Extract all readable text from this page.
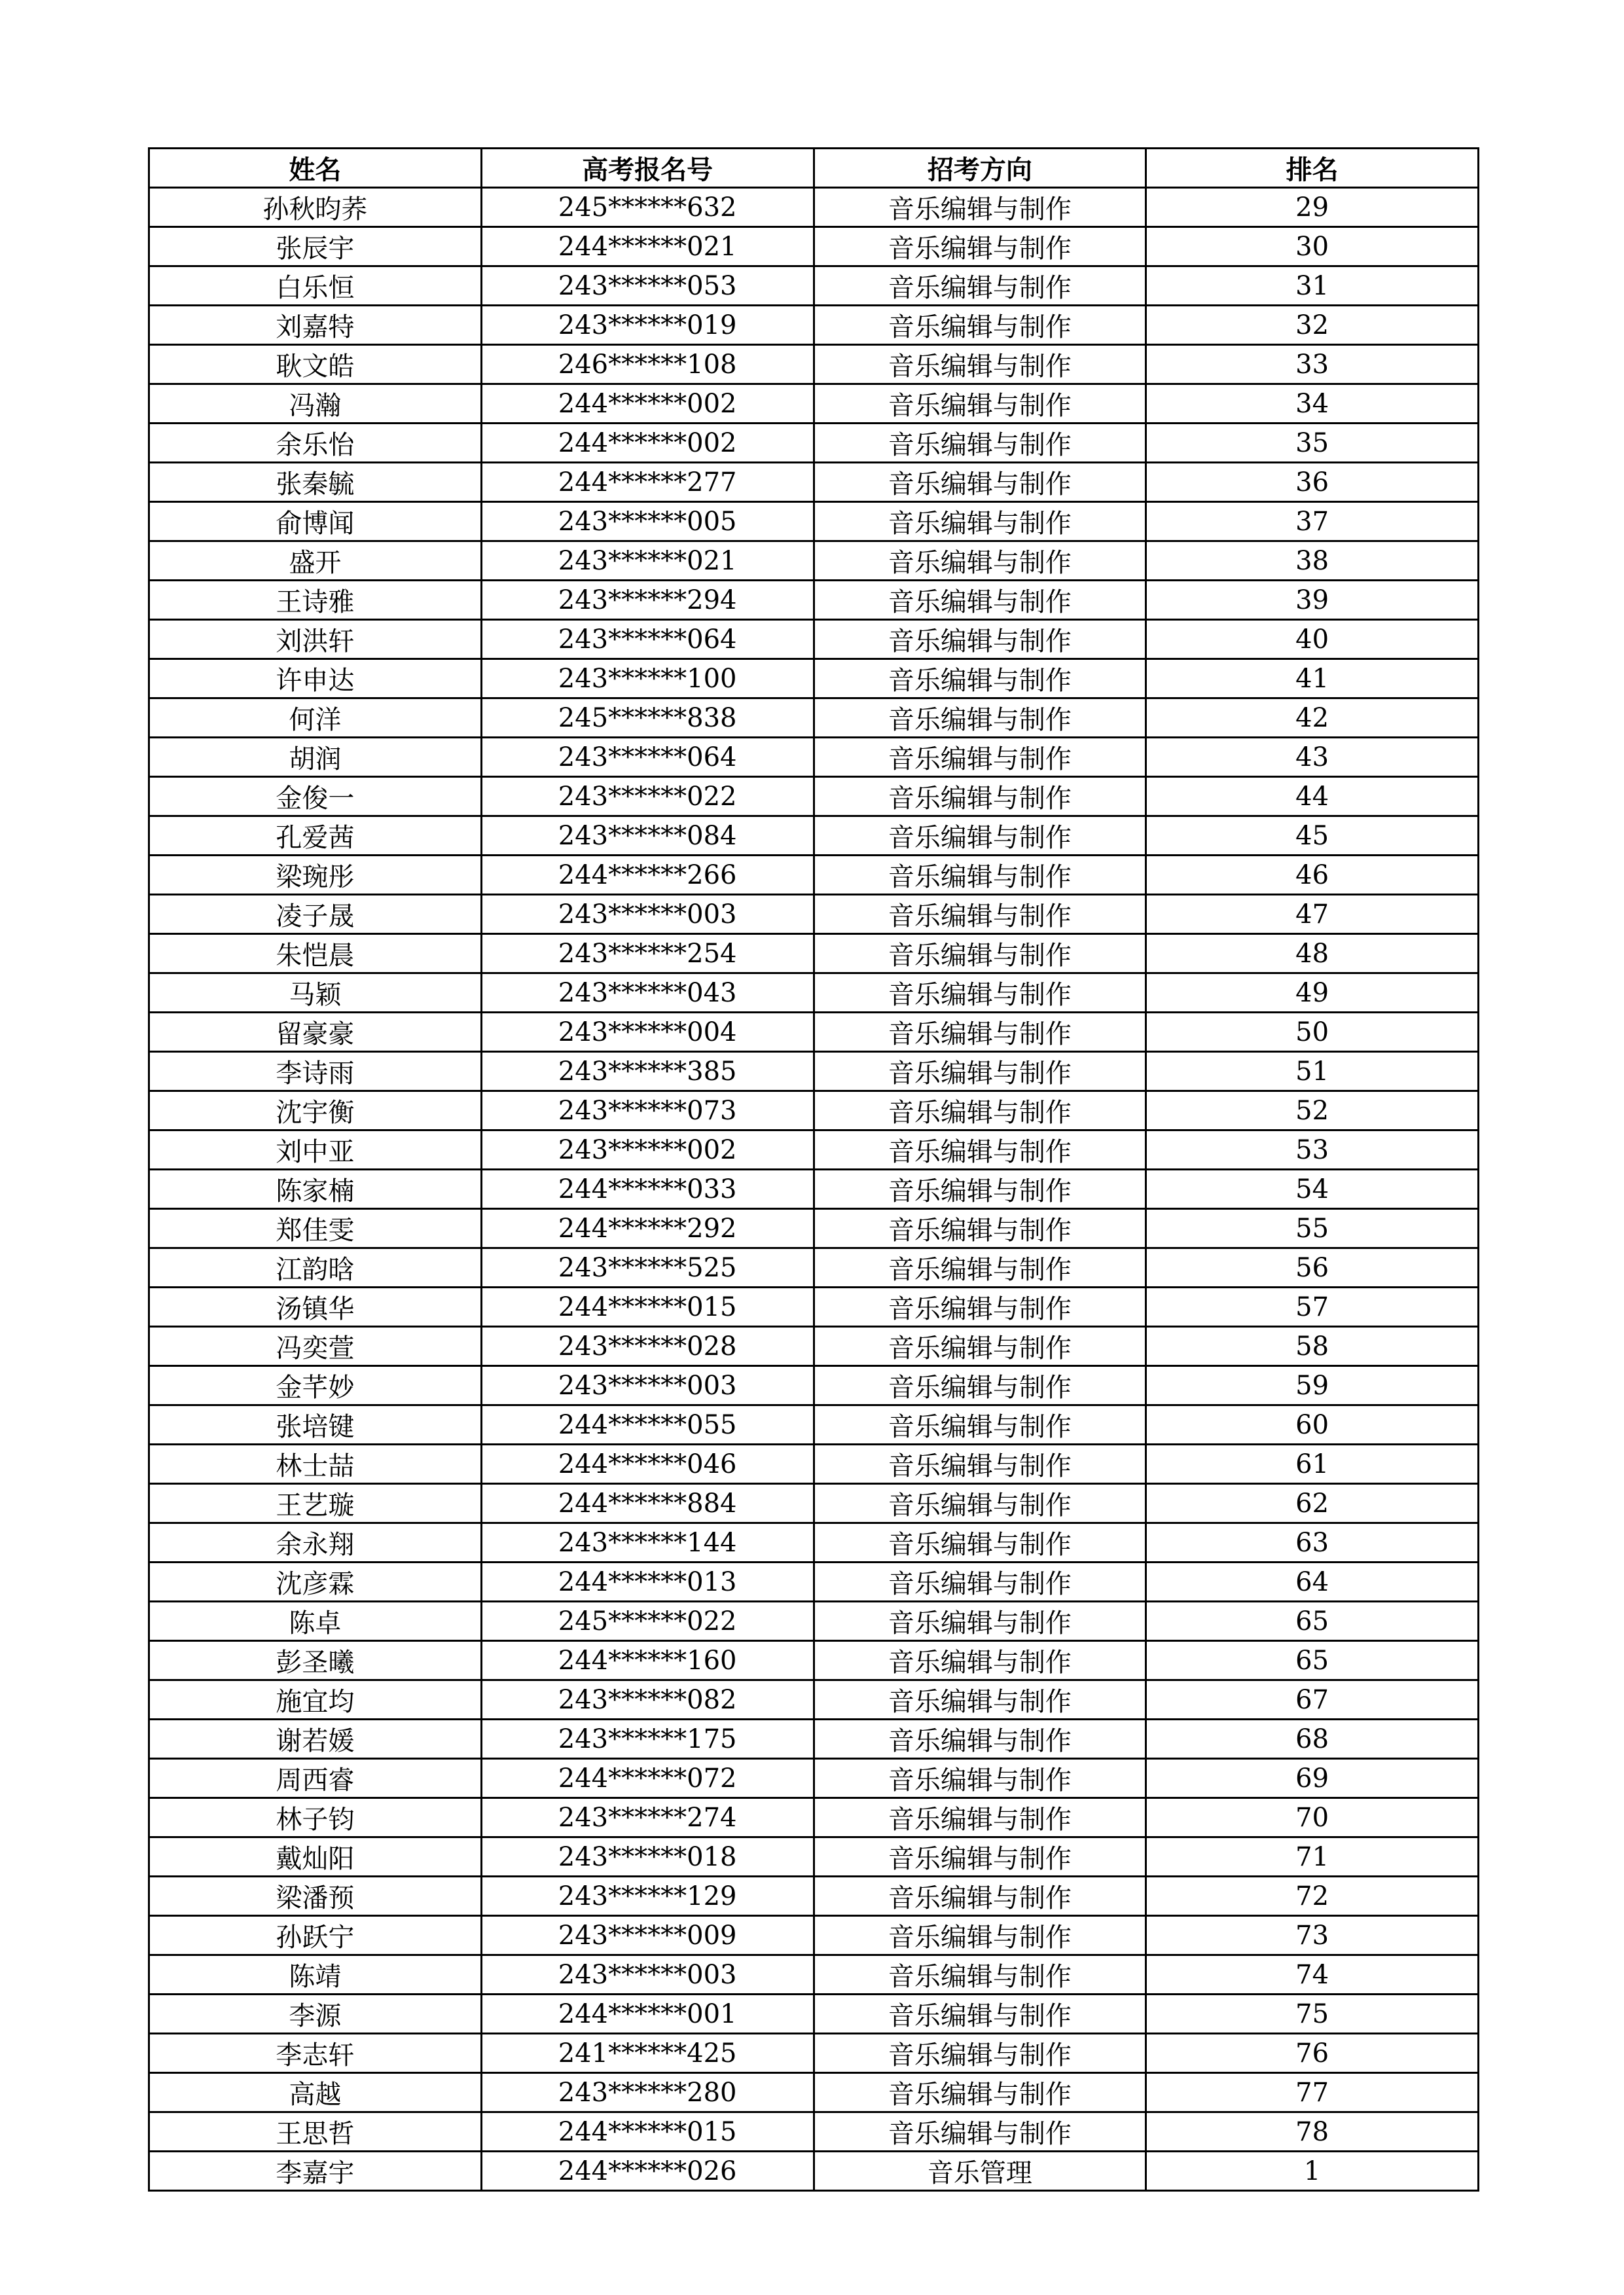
姓名	高考报名号	招考方向	排名
孙秋昀荞	245******632	音乐编辑与制作	29
张辰宇	244******021	音乐编辑与制作	30
白乐恒	243******053	音乐编辑与制作	31
刘嘉特	243******019	音乐编辑与制作	32
耿文皓	246******108	音乐编辑与制作	33
冯瀚	244******002	音乐编辑与制作	34
余乐怡	244******002	音乐编辑与制作	35
张秦毓	244******277	音乐编辑与制作	36
俞博闻	243******005	音乐编辑与制作	37
盛开	243******021	音乐编辑与制作	38
王诗雅	243******294	音乐编辑与制作	39
刘洪轩	243******064	音乐编辑与制作	40
许申达	243******100	音乐编辑与制作	41
何洋	245******838	音乐编辑与制作	42
胡润	243******064	音乐编辑与制作	43
金俊一	243******022	音乐编辑与制作	44
孔爱茜	243******084	音乐编辑与制作	45
梁琬彤	244******266	音乐编辑与制作	46
凌子晟	243******003	音乐编辑与制作	47
朱恺晨	243******254	音乐编辑与制作	48
马颖	243******043	音乐编辑与制作	49
留豪豪	243******004	音乐编辑与制作	50
李诗雨	243******385	音乐编辑与制作	51
沈宇衡	243******073	音乐编辑与制作	52
刘中亚	243******002	音乐编辑与制作	53
陈家楠	244******033	音乐编辑与制作	54
郑佳雯	244******292	音乐编辑与制作	55
江韵晗	243******525	音乐编辑与制作	56
汤镇华	244******015	音乐编辑与制作	57
冯奕萱	243******028	音乐编辑与制作	58
金芊妙	243******003	音乐编辑与制作	59
张培键	244******055	音乐编辑与制作	60
林士喆	244******046	音乐编辑与制作	61
王艺璇	244******884	音乐编辑与制作	62
余永翔	243******144	音乐编辑与制作	63
沈彦霖	244******013	音乐编辑与制作	64
陈卓	245******022	音乐编辑与制作	65
彭圣曦	244******160	音乐编辑与制作	65
施宜均	243******082	音乐编辑与制作	67
谢若媛	243******175	音乐编辑与制作	68
周西睿	244******072	音乐编辑与制作	69
林子钧	243******274	音乐编辑与制作	70
戴灿阳	243******018	音乐编辑与制作	71
梁潘预	243******129	音乐编辑与制作	72
孙跃宁	243******009	音乐编辑与制作	73
陈靖	243******003	音乐编辑与制作	74
李源	244******001	音乐编辑与制作	75
李志轩	241******425	音乐编辑与制作	76
高越	243******280	音乐编辑与制作	77
王思哲	244******015	音乐编辑与制作	78
李嘉宇	244******026	音乐管理	1
